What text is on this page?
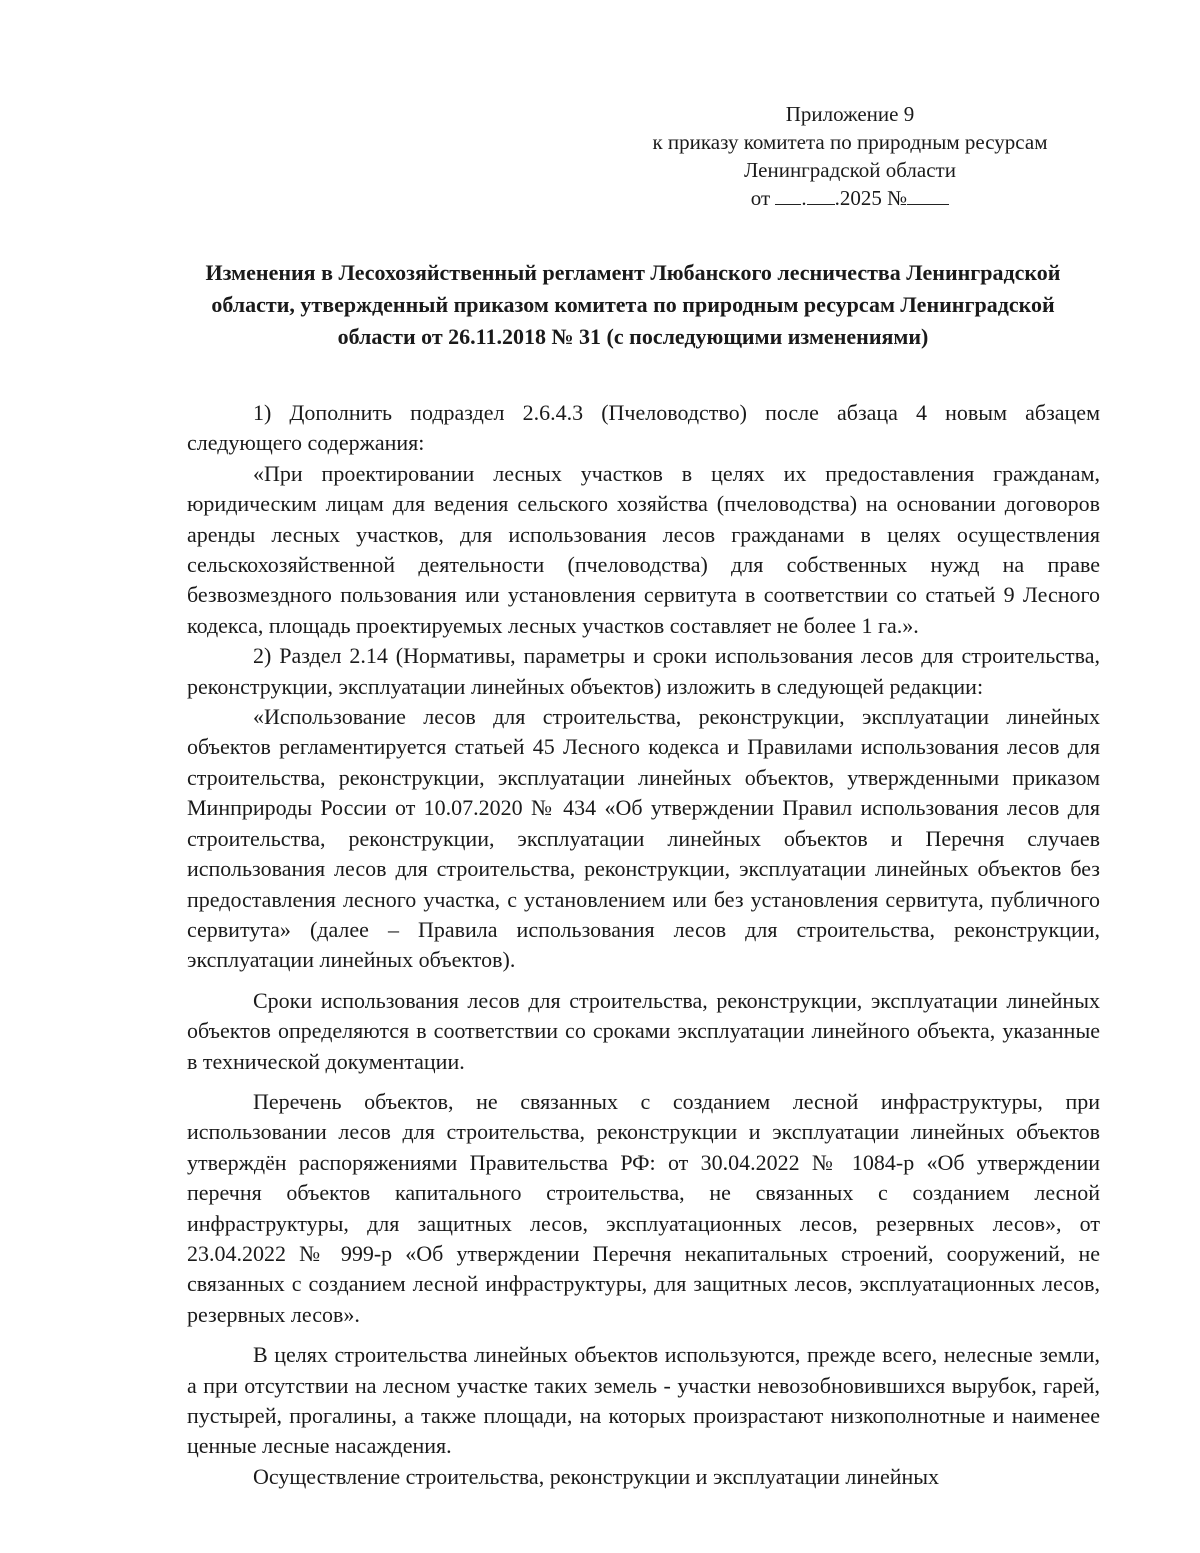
Приложение 9
к приказу комитета по природным ресурсам
Ленинградской области
от . .2025 №
Изменения в Лесохозяйственный регламент Любанского лесничества Ленинградской области, утвержденный приказом комитета по природным ресурсам Ленинградской области от 26.11.2018 № 31 (с последующими изменениями)

1) Дополнить подраздел 2.6.4.3 (Пчеловодство) после абзаца 4 новым абзацем следующего содержания:

«При проектировании лесных участков в целях их предоставления гражданам, юридическим лицам для ведения сельского хозяйства (пчеловодства) на основании договоров аренды лесных участков, для использования лесов гражданами в целях осуществления сельскохозяйственной деятельности (пчеловодства) для собственных нужд на праве безвозмездного пользования или установления сервитута в соответствии со статьей 9 Лесного кодекса, площадь проектируемых лесных участков составляет не более 1 га.».

2) Раздел 2.14 (Нормативы, параметры и сроки использования лесов для строительства, реконструкции, эксплуатации линейных объектов) изложить в следующей редакции:

«Использование лесов для строительства, реконструкции, эксплуатации линейных объектов регламентируется статьей 45 Лесного кодекса и Правилами использования лесов для строительства, реконструкции, эксплуатации линейных объектов, утвержденными приказом Минприроды России от 10.07.2020 № 434 «Об утверждении Правил использования лесов для строительства, реконструкции, эксплуатации линейных объектов и Перечня случаев использования лесов для строительства, реконструкции, эксплуатации линейных объектов без предоставления лесного участка, с установлением или без установления сервитута, публичного сервитута» (далее – Правила использования лесов для строительства, реконструкции, эксплуатации линейных объектов).

Сроки использования лесов для строительства, реконструкции, эксплуатации линейных объектов определяются в соответствии со сроками эксплуатации линейного объекта, указанные в технической документации.

Перечень объектов, не связанных с созданием лесной инфраструктуры, при использовании лесов для строительства, реконструкции и эксплуатации линейных объектов утверждён распоряжениями Правительства РФ: от 30.04.2022 № 1084-р «Об утверждении перечня объектов капитального строительства, не связанных с созданием лесной инфраструктуры, для защитных лесов, эксплуатационных лесов, резервных лесов», от 23.04.2022 № 999-р «Об утверждении Перечня некапитальных строений, сооружений, не связанных с созданием лесной инфраструктуры, для защитных лесов, эксплуатационных лесов, резервных лесов».

В целях строительства линейных объектов используются, прежде всего, нелесные земли, а при отсутствии на лесном участке таких земель - участки невозобновившихся вырубок, гарей, пустырей, прогалины, а также площади, на которых произрастают низкополнотные и наименее ценные лесные насаждения.

Осуществление строительства, реконструкции и эксплуатации линейных
